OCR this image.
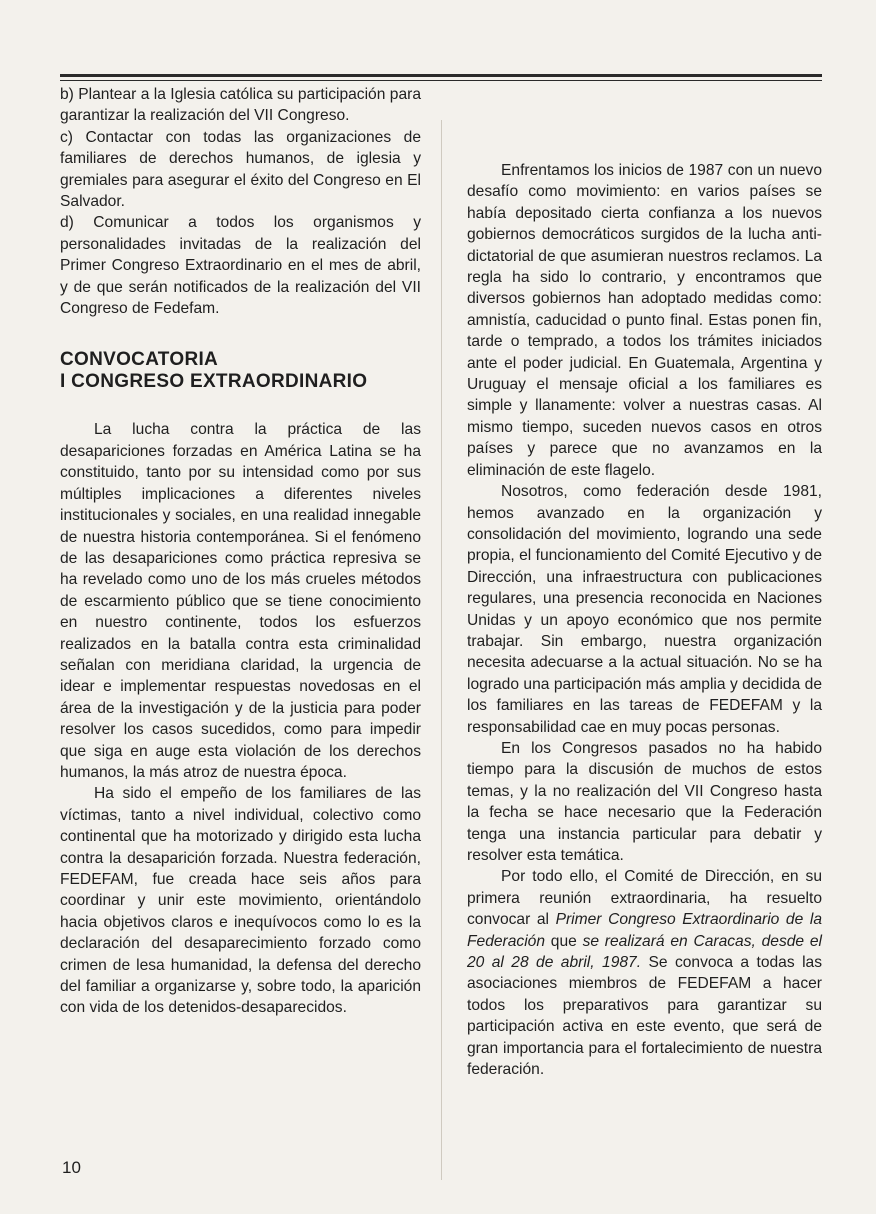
b) Plantear a la Iglesia católica su participación para garantizar la realización del VII Congreso.

c) Contactar con todas las organizaciones de familiares de derechos humanos, de iglesia y gremiales para asegurar el éxito del Congreso en El Salvador.

d) Comunicar a todos los organismos y personalidades invitadas de la realización del Primer Congreso Extraordinario en el mes de abril, y de que serán notificados de la realización del VII Congreso de Fedefam.

CONVOCATORIA
I CONGRESO EXTRAORDINARIO

La lucha contra la práctica de las desapariciones forzadas en América Latina se ha constituido, tanto por su intensidad como por sus múltiples implicaciones a diferentes niveles institucionales y sociales, en una realidad innegable de nuestra historia contemporánea. Si el fenómeno de las desapariciones como práctica represiva se ha revelado como uno de los más crueles métodos de escarmiento público que se tiene conocimiento en nuestro continente, todos los esfuerzos realizados en la batalla contra esta criminalidad señalan con meridiana claridad, la urgencia de idear e implementar respuestas novedosas en el área de la investigación y de la justicia para poder resolver los casos sucedidos, como para impedir que siga en auge esta violación de los derechos humanos, la más atroz de nuestra época.

Ha sido el empeño de los familiares de las víctimas, tanto a nivel individual, colectivo como continental que ha motorizado y dirigido esta lucha contra la desaparición forzada. Nuestra federación, FEDEFAM, fue creada hace seis años para coordinar y unir este movimiento, orientándolo hacia objetivos claros e inequívocos como lo es la declaración del desaparecimiento forzado como crimen de lesa humanidad, la defensa del derecho del familiar a organizarse y, sobre todo, la aparición con vida de los detenidos-desaparecidos.

Enfrentamos los inicios de 1987 con un nuevo desafío como movimiento: en varios países se había depositado cierta confianza a los nuevos gobiernos democráticos surgidos de la lucha anti-dictatorial de que asumieran nuestros reclamos. La regla ha sido lo contrario, y encontramos que diversos gobiernos han adoptado medidas como: amnistía, caducidad o punto final. Estas ponen fin, tarde o temprado, a todos los trámites iniciados ante el poder judicial. En Guatemala, Argentina y Uruguay el mensaje oficial a los familiares es simple y llanamente: volver a nuestras casas. Al mismo tiempo, suceden nuevos casos en otros países y parece que no avanzamos en la eliminación de este flagelo.

Nosotros, como federación desde 1981, hemos avanzado en la organización y consolidación del movimiento, logrando una sede propia, el funcionamiento del Comité Ejecutivo y de Dirección, una infraestructura con publicaciones regulares, una presencia reconocida en Naciones Unidas y un apoyo económico que nos permite trabajar. Sin embargo, nuestra organización necesita adecuarse a la actual situación. No se ha logrado una participación más amplia y decidida de los familiares en las tareas de FEDEFAM y la responsabilidad cae en muy pocas personas.

En los Congresos pasados no ha habido tiempo para la discusión de muchos de estos temas, y la no realización del VII Congreso hasta la fecha se hace necesario que la Federación tenga una instancia particular para debatir y resolver esta temática.

Por todo ello, el Comité de Dirección, en su primera reunión extraordinaria, ha resuelto convocar al Primer Congreso Extraordinario de la Federación que se realizará en Caracas, desde el 20 al 28 de abril, 1987. Se convoca a todas las asociaciones miembros de FEDEFAM a hacer todos los preparativos para garantizar su participación activa en este evento, que será de gran importancia para el fortalecimiento de nuestra federación.

10
